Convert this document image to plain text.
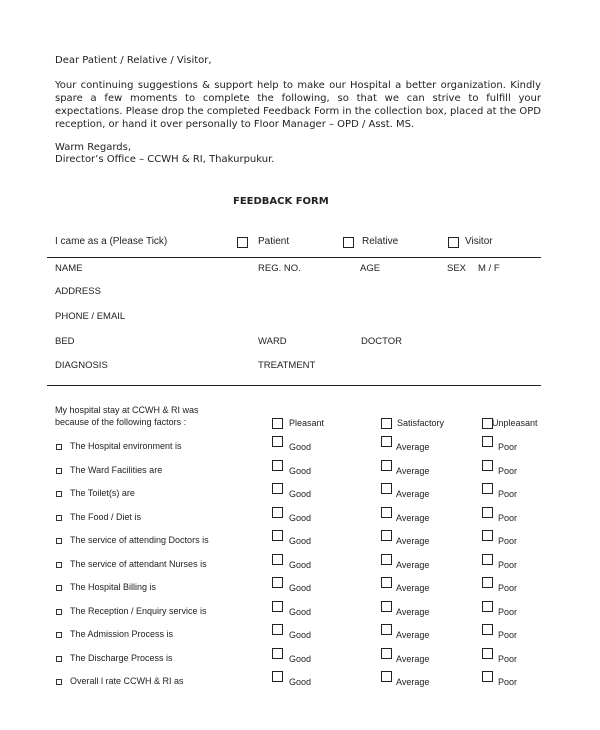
Dear Patient / Relative / Visitor,
Your continuing suggestions & support help to make our Hospital a better organization. Kindly spare a few moments to complete the following, so that we can strive to fulfill your expectations. Please drop the completed Feedback Form in the collection box, placed at the OPD reception, or hand it over personally to Floor Manager – OPD / Asst. MS.
Warm Regards,
Director’s Office – CCWH & RI, Thakurpukur.
FEEDBACK FORM
I came as a (Please Tick)	Patient	Relative	Visitor
NAME	REG. NO.	AGE	SEX M / F
ADDRESS
PHONE / EMAIL
BED	WARD	DOCTOR
DIAGNOSIS	TREATMENT
My hospital stay at CCWH & RI was
because of the following factors :	Pleasant	Satisfactory	Unpleasant
The Hospital environment is	Good	Average	Poor
The Ward Facilities are	Good	Average	Poor
The Toilet(s) are	Good	Average	Poor
The Food / Diet is	Good	Average	Poor
The service of attending Doctors is	Good	Average	Poor
The service of attendant Nurses is	Good	Average	Poor
The Hospital Billing is	Good	Average	Poor
The Reception / Enquiry service is	Good	Average	Poor
The Admission Process is	Good	Average	Poor
The Discharge Process is	Good	Average	Poor
Overall l rate CCWH & RI as	Good	Average	Poor
